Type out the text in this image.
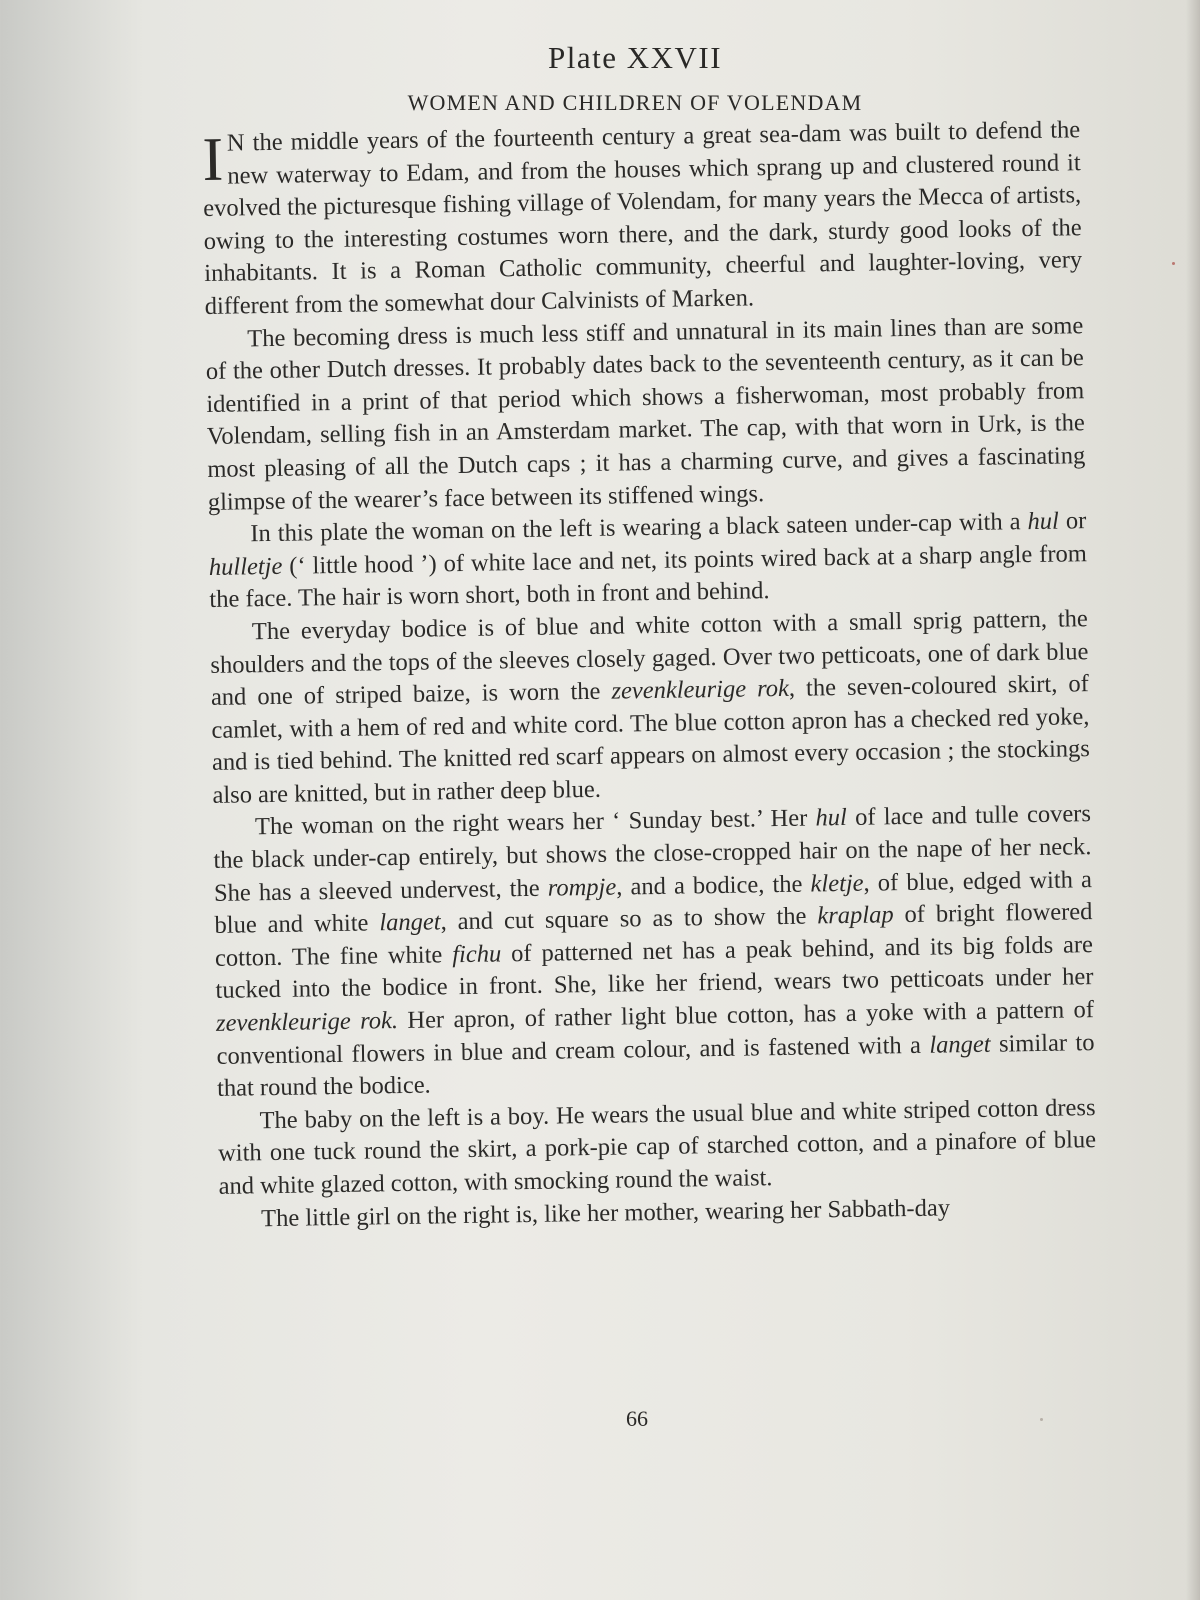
Plate XXVII
WOMEN AND CHILDREN OF VOLENDAM

I N the middle years of the fourteenth century a great sea-dam was built to defend the new waterway to Edam, and from the houses which sprang up and clustered round it evolved the picturesque fishing village of Volendam, for many years the Mecca of artists, owing to the interesting costumes worn there, and the dark, sturdy good looks of the inhabitants. It is a Roman Catholic community, cheerful and laughter-loving, very different from the somewhat dour Calvinists of Marken.

The becoming dress is much less stiff and unnatural in its main lines than are some of the other Dutch dresses. It probably dates back to the seventeenth century, as it can be identified in a print of that period which shows a fisherwoman, most probably from Volendam, selling fish in an Amsterdam market. The cap, with that worn in Urk, is the most pleasing of all the Dutch caps ; it has a charming curve, and gives a fascinating glimpse of the wearer’s face between its stiffened wings.

In this plate the woman on the left is wearing a black sateen under-cap with a hul or hulletje (‘ little hood ’) of white lace and net, its points wired back at a sharp angle from the face. The hair is worn short, both in front and behind.

The everyday bodice is of blue and white cotton with a small sprig pattern, the shoulders and the tops of the sleeves closely gaged. Over two petticoats, one of dark blue and one of striped baize, is worn the zevenkleurige rok, the seven-coloured skirt, of camlet, with a hem of red and white cord. The blue cotton apron has a checked red yoke, and is tied behind. The knitted red scarf appears on almost every occasion ; the stockings also are knitted, but in rather deep blue.

The woman on the right wears her ‘ Sunday best.’ Her hul of lace and tulle covers the black under-cap entirely, but shows the close-cropped hair on the nape of her neck. She has a sleeved undervest, the rompje, and a bodice, the kletje, of blue, edged with a blue and white langet, and cut square so as to show the kraplap of bright flowered cotton. The fine white fichu of patterned net has a peak behind, and its big folds are tucked into the bodice in front. She, like her friend, wears two petticoats under her zevenkleurige rok. Her apron, of rather light blue cotton, has a yoke with a pattern of conventional flowers in blue and cream colour, and is fastened with a langet similar to that round the bodice.

The baby on the left is a boy. He wears the usual blue and white striped cotton dress with one tuck round the skirt, a pork-pie cap of starched cotton, and a pinafore of blue and white glazed cotton, with smocking round the waist.

The little girl on the right is, like her mother, wearing her Sabbath-day

66
